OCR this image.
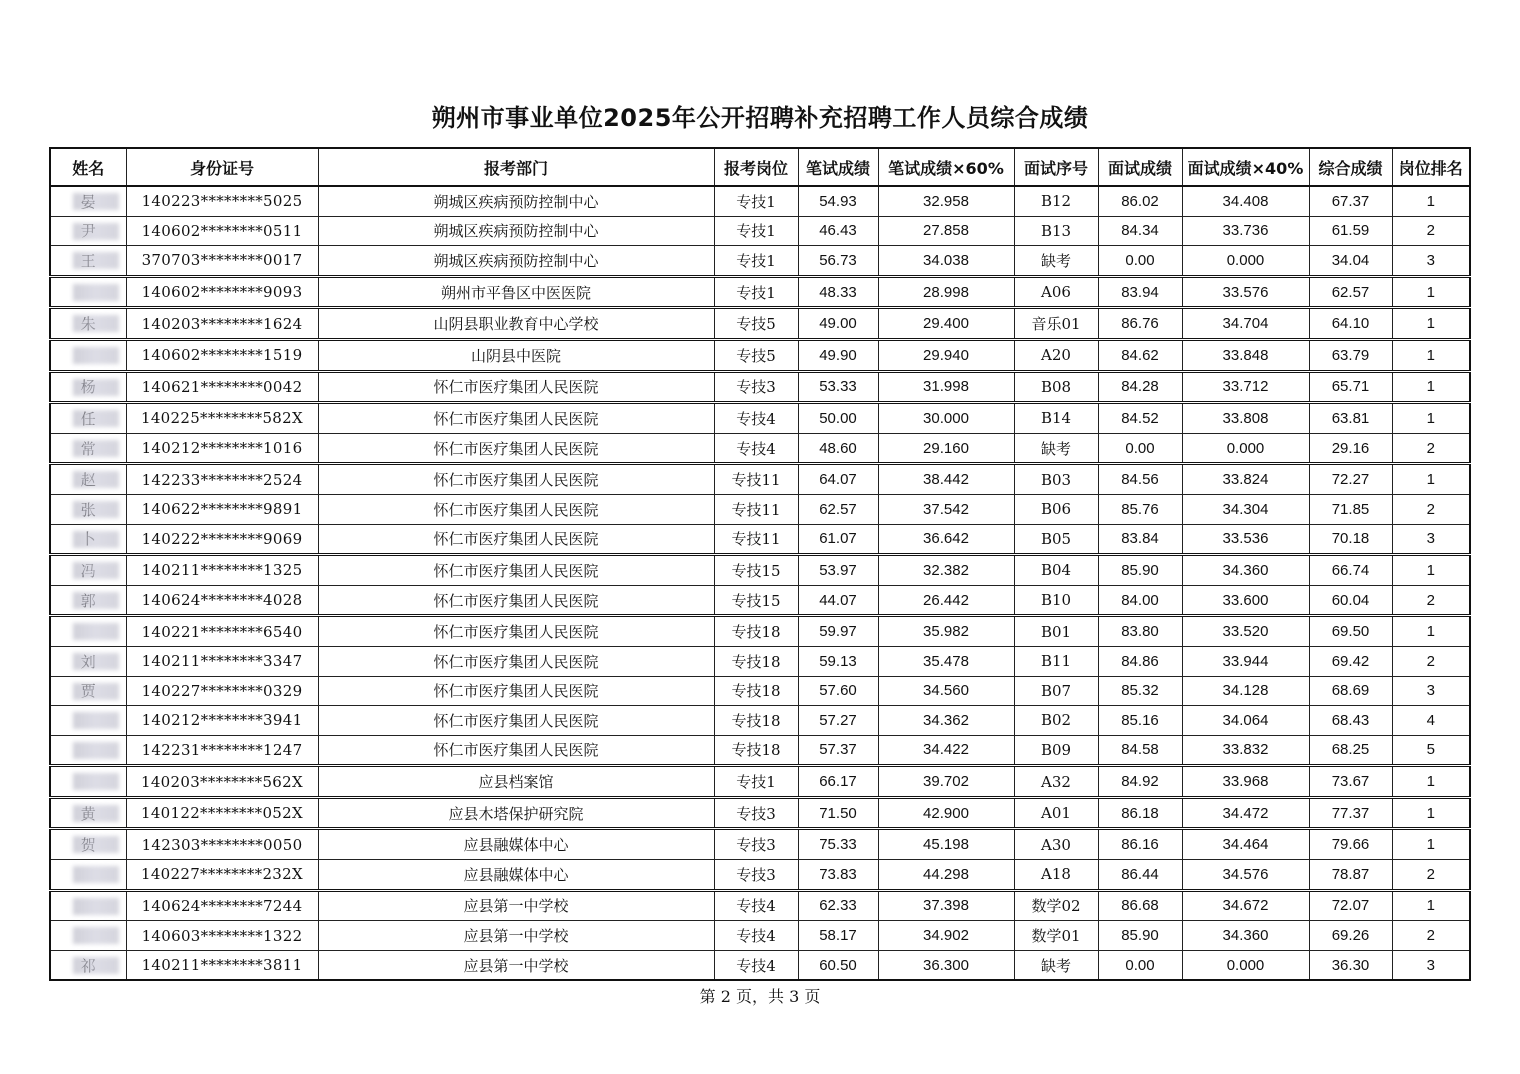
朔州市事业单位2025年公开招聘补充招聘工作人员综合成绩
姓名	身份证号	报考部门	报考岗位	笔试成绩	笔试成绩×60%	面试序号	面试成绩	面试成绩×40%	综合成绩	岗位排名

	140223********5025	朔城区疾病预防控制中心	专技1	54.93	32.958	B12	86.02	34.408	67.37	1

	140602********0511	朔城区疾病预防控制中心	专技1	46.43	27.858	B13	84.34	33.736	61.59	2

	370703********0017	朔城区疾病预防控制中心	专技1	56.73	34.038	缺考	0.00	0.000	34.04	3

	140602********9093	朔州市平鲁区中医医院	专技1	48.33	28.998	A06	83.94	33.576	62.57	1

	140203********1624	山阴县职业教育中心学校	专技5	49.00	29.400	音乐01	86.76	34.704	64.10	1

	140602********1519	山阴县中医院	专技5	49.90	29.940	A20	84.62	33.848	63.79	1

	140621********0042	怀仁市医疗集团人民医院	专技3	53.33	31.998	B08	84.28	33.712	65.71	1

	140225********582X	怀仁市医疗集团人民医院	专技4	50.00	30.000	B14	84.52	33.808	63.81	1

	140212********1016	怀仁市医疗集团人民医院	专技4	48.60	29.160	缺考	0.00	0.000	29.16	2

	142233********2524	怀仁市医疗集团人民医院	专技11	64.07	38.442	B03	84.56	33.824	72.27	1

	140622********9891	怀仁市医疗集团人民医院	专技11	62.57	37.542	B06	85.76	34.304	71.85	2

	140222********9069	怀仁市医疗集团人民医院	专技11	61.07	36.642	B05	83.84	33.536	70.18	3

	140211********1325	怀仁市医疗集团人民医院	专技15	53.97	32.382	B04	85.90	34.360	66.74	1

	140624********4028	怀仁市医疗集团人民医院	专技15	44.07	26.442	B10	84.00	33.600	60.04	2

	140221********6540	怀仁市医疗集团人民医院	专技18	59.97	35.982	B01	83.80	33.520	69.50	1

	140211********3347	怀仁市医疗集团人民医院	专技18	59.13	35.478	B11	84.86	33.944	69.42	2

	140227********0329	怀仁市医疗集团人民医院	专技18	57.60	34.560	B07	85.32	34.128	68.69	3

	140212********3941	怀仁市医疗集团人民医院	专技18	57.27	34.362	B02	85.16	34.064	68.43	4

	142231********1247	怀仁市医疗集团人民医院	专技18	57.37	34.422	B09	84.58	33.832	68.25	5

	140203********562X	应县档案馆	专技1	66.17	39.702	A32	84.92	33.968	73.67	1

	140122********052X	应县木塔保护研究院	专技3	71.50	42.900	A01	86.18	34.472	77.37	1

	142303********0050	应县融媒体中心	专技3	75.33	45.198	A30	86.16	34.464	79.66	1

	140227********232X	应县融媒体中心	专技3	73.83	44.298	A18	86.44	34.576	78.87	2

	140624********7244	应县第一中学校	专技4	62.33	37.398	数学02	86.68	34.672	72.07	1

	140603********1322	应县第一中学校	专技4	58.17	34.902	数学01	85.90	34.360	69.26	2

	140211********3811	应县第一中学校	专技4	60.50	36.300	缺考	0.00	0.000	36.30	3
第 2 页，共 3 页
